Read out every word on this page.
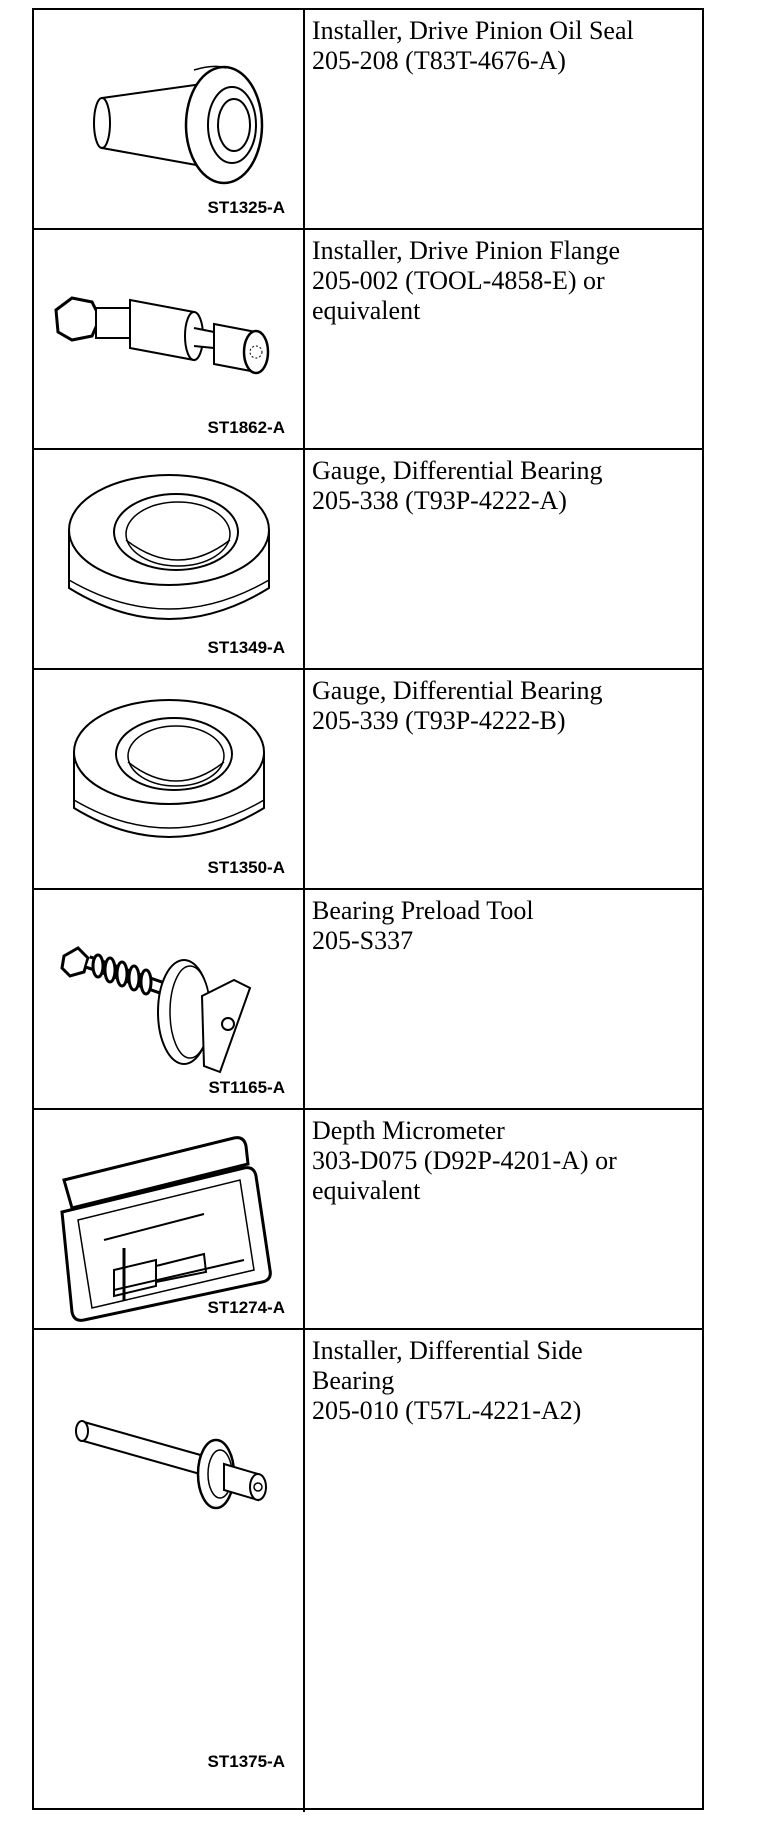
ST1325-A
Installer, Drive Pinion Oil Seal
205-208 (T83T-4676-A)
ST1862-A
Installer, Drive Pinion Flange
205-002 (TOOL-4858-E) or
equivalent
ST1349-A
Gauge, Differential Bearing
205-338 (T93P-4222-A)
ST1350-A
Gauge, Differential Bearing
205-339 (T93P-4222-B)
ST1165-A
Bearing Preload Tool
205-S337
ST1274-A
Depth Micrometer
303-D075 (D92P-4201-A) or
equivalent
ST1375-A
Installer, Differential Side
Bearing
205-010 (T57L-4221-A2)
